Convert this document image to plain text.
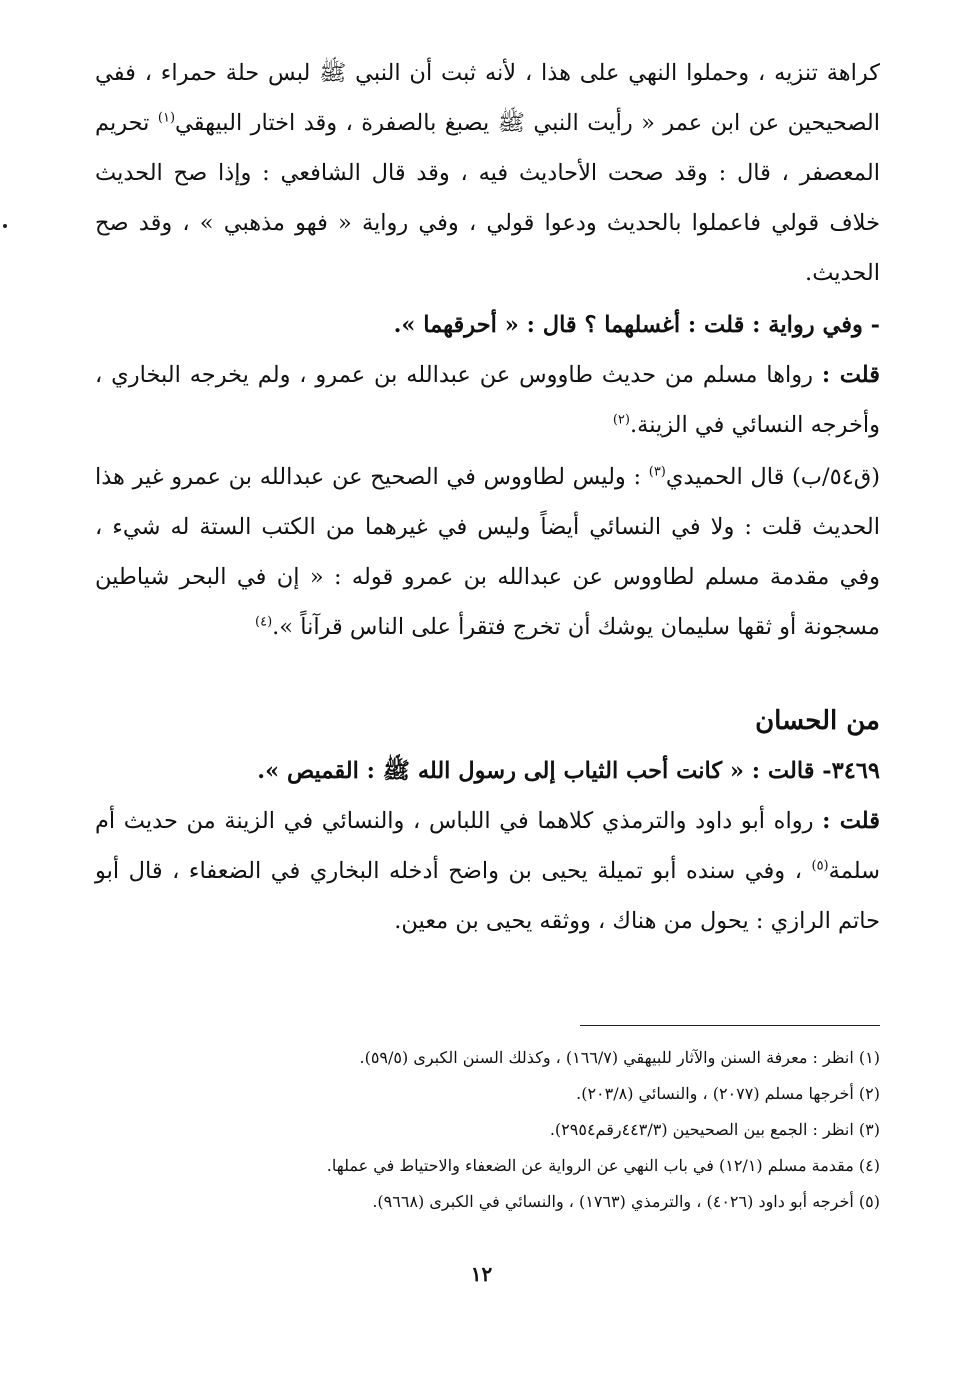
كراهة تنزيه ، وحملوا النهي على هذا ، لأنه ثبت أن النبي ﷺ لبس حلة حمراء ، ففي الصحيحين عن ابن عمر « رأيت النبي ﷺ يصبغ بالصفرة ، وقد اختار البيهقي$^{(١)}$ تحريم المعصفر ، قال : وقد صحت الأحاديث فيه ، وقد قال الشافعي : وإذا صح الحديث خلاف قولي فاعملوا بالحديث ودعوا قولي ، وفي رواية « فهو مذهبي » ، وقد صح الحديث.

- وفي رواية : قلت : أغسلهما ؟ قال : « أحرقهما ».

قلت : رواها مسلم من حديث طاووس عن عبدالله بن عمرو ، ولم يخرجه البخاري ، وأخرجه النسائي في الزينة.$^{(٢)}$

(ق٥٤/ب) قال الحميدي$^{(٣)}$ : وليس لطاووس في الصحيح عن عبدالله بن عمرو غير هذا الحديث قلت : ولا في النسائي أيضاً وليس في غيرهما من الكتب الستة له شيء ، وفي مقدمة مسلم لطاووس عن عبدالله بن عمرو قوله : « إن في البحر شياطين مسجونة أو ثقها سليمان يوشك أن تخرج فتقرأ على الناس قرآناً ».$^{(٤)}$

من الحسان

٣٤٦٩- قالت : « كانت أحب الثياب إلى رسول الله ﷺ : القميص ».

قلت : رواه أبو داود والترمذي كلاهما في اللباس ، والنسائي في الزينة من حديث أم سلمة$^{(٥)}$ ، وفي سنده أبو تميلة يحيى بن واضح أدخله البخاري في الضعفاء ، قال أبو حاتم الرازي : يحول من هناك ، ووثقه يحيى بن معين.

(١) انظر : معرفة السنن والآثار للبيهقي (١٦٦/٧) ، وكذلك السنن الكبرى (٥٩/٥).

(٢) أخرجها مسلم (٢٠٧٧) ، والنسائي (٢٠٣/٨).

(٣) انظر : الجمع بين الصحيحين (٤٤٣/٣رقم٢٩٥٤).

(٤) مقدمة مسلم (١٢/١) في باب النهي عن الرواية عن الضعفاء والاحتياط في عملها.

(٥) أخرجه أبو داود (٤٠٢٦) ، والترمذي (١٧٦٣) ، والنسائي في الكبرى (٩٦٦٨).

١٢
